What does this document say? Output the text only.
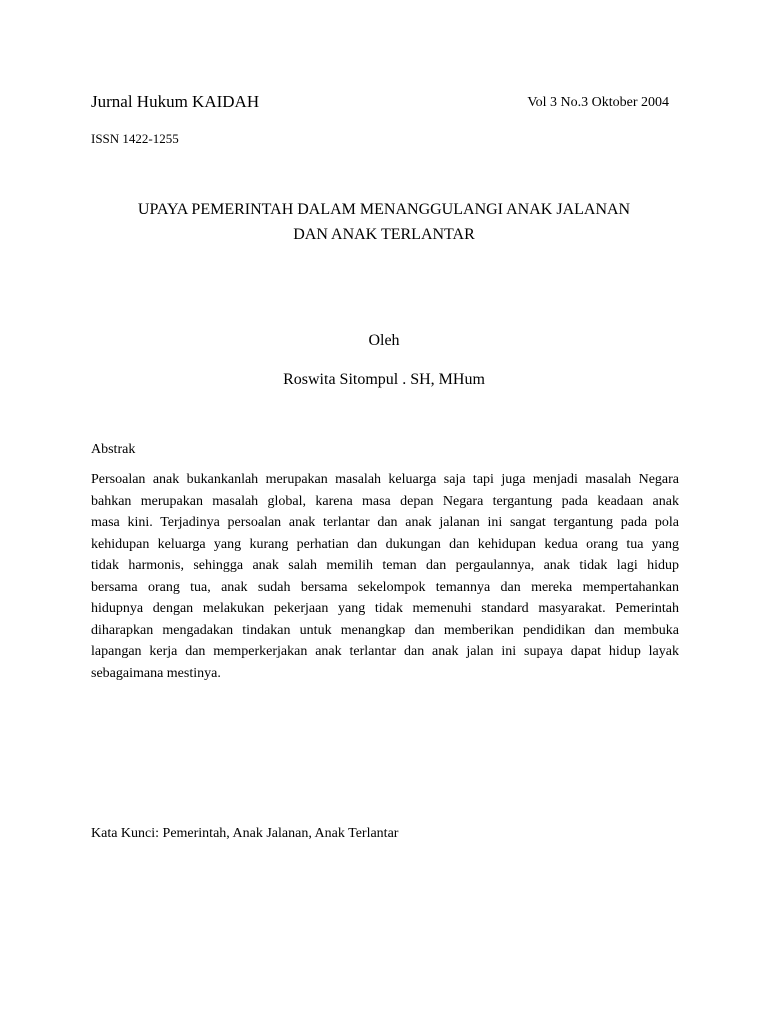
Jurnal Hukum KAIDAH	Vol 3 No.3 Oktober 2004
ISSN 1422-1255
UPAYA PEMERINTAH DALAM MENANGGULANGI ANAK JALANAN
DAN ANAK TERLANTAR
Oleh
Roswita Sitompul . SH, MHum
Abstrak
Persoalan anak bukankanlah merupakan masalah keluarga saja tapi juga menjadi masalah Negara
bahkan merupakan masalah global, karena masa depan Negara tergantung pada keadaan anak
masa kini. Terjadinya persoalan anak terlantar dan anak jalanan ini sangat tergantung pada pola
kehidupan keluarga yang kurang perhatian dan dukungan dan kehidupan kedua orang tua yang
tidak harmonis, sehingga anak salah memilih teman dan pergaulannya, anak tidak lagi hidup
bersama orang tua, anak sudah bersama sekelompok temannya dan mereka mempertahankan
hidupnya dengan melakukan pekerjaan yang tidak memenuhi standard masyarakat. Pemerintah
diharapkan mengadakan tindakan untuk menangkap dan memberikan pendidikan dan membuka
lapangan kerja dan memperkerjakan anak terlantar dan anak jalan ini supaya dapat hidup layak
sebagaimana mestinya.
Kata Kunci: Pemerintah, Anak Jalanan, Anak Terlantar
